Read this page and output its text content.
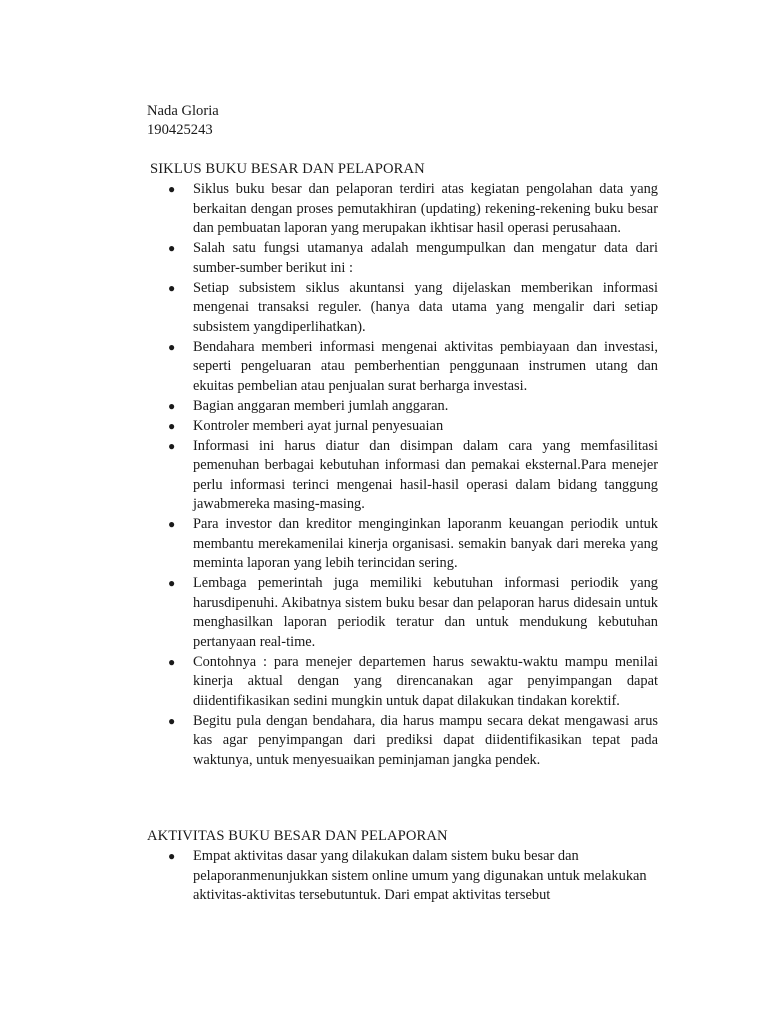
Nada Gloria
190425243
SIKLUS BUKU BESAR DAN PELAPORAN
● Siklus buku besar dan pelaporan terdiri atas kegiatan pengolahan data yang berkaitan dengan proses pemutakhiran (updating) rekening-rekening buku besar dan pembuatan laporan yang merupakan ikhtisar hasil operasi perusahaan.
● Salah satu fungsi utamanya adalah mengumpulkan dan mengatur data dari sumber-sumber berikut ini :
● Setiap subsistem siklus akuntansi yang dijelaskan memberikan informasi mengenai transaksi reguler. (hanya data utama yang mengalir dari setiap subsistem yangdiperlihatkan).
● Bendahara memberi informasi mengenai aktivitas pembiayaan dan investasi, seperti pengeluaran atau pemberhentian penggunaan instrumen utang dan ekuitas pembelian atau penjualan surat berharga investasi.
● Bagian anggaran memberi jumlah anggaran.
● Kontroler memberi ayat jurnal penyesuaian
● Informasi ini harus diatur dan disimpan dalam cara yang memfasilitasi pemenuhan berbagai kebutuhan informasi dan pemakai eksternal.Para menejer perlu informasi terinci mengenai hasil-hasil operasi dalam bidang tanggung jawabmereka masing-masing.
● Para investor dan kreditor menginginkan laporanm keuangan periodik untuk membantu merekamenilai kinerja organisasi. semakin banyak dari mereka yang meminta laporan yang lebih terincidan sering.
● Lembaga pemerintah juga memiliki kebutuhan informasi periodik yang harusdipenuhi. Akibatnya sistem buku besar dan pelaporan harus didesain untuk menghasilkan laporan periodik teratur dan untuk mendukung kebutuhan pertanyaan real-time.
● Contohnya : para menejer departemen harus sewaktu-waktu mampu menilai kinerja aktual dengan yang direncanakan agar penyimpangan dapat diidentifikasikan sedini mungkin untuk dapat dilakukan tindakan korektif.
● Begitu pula dengan bendahara, dia harus mampu secara dekat mengawasi arus kas agar penyimpangan dari prediksi dapat diidentifikasikan tepat pada waktunya, untuk menyesuaikan peminjaman jangka pendek.
AKTIVITAS BUKU BESAR DAN PELAPORAN
● Empat aktivitas dasar yang dilakukan dalam sistem buku besar dan pelaporanmenunjukkan sistem online umum yang digunakan untuk melakukan aktivitas-aktivitas tersebutuntuk. Dari empat aktivitas tersebut
